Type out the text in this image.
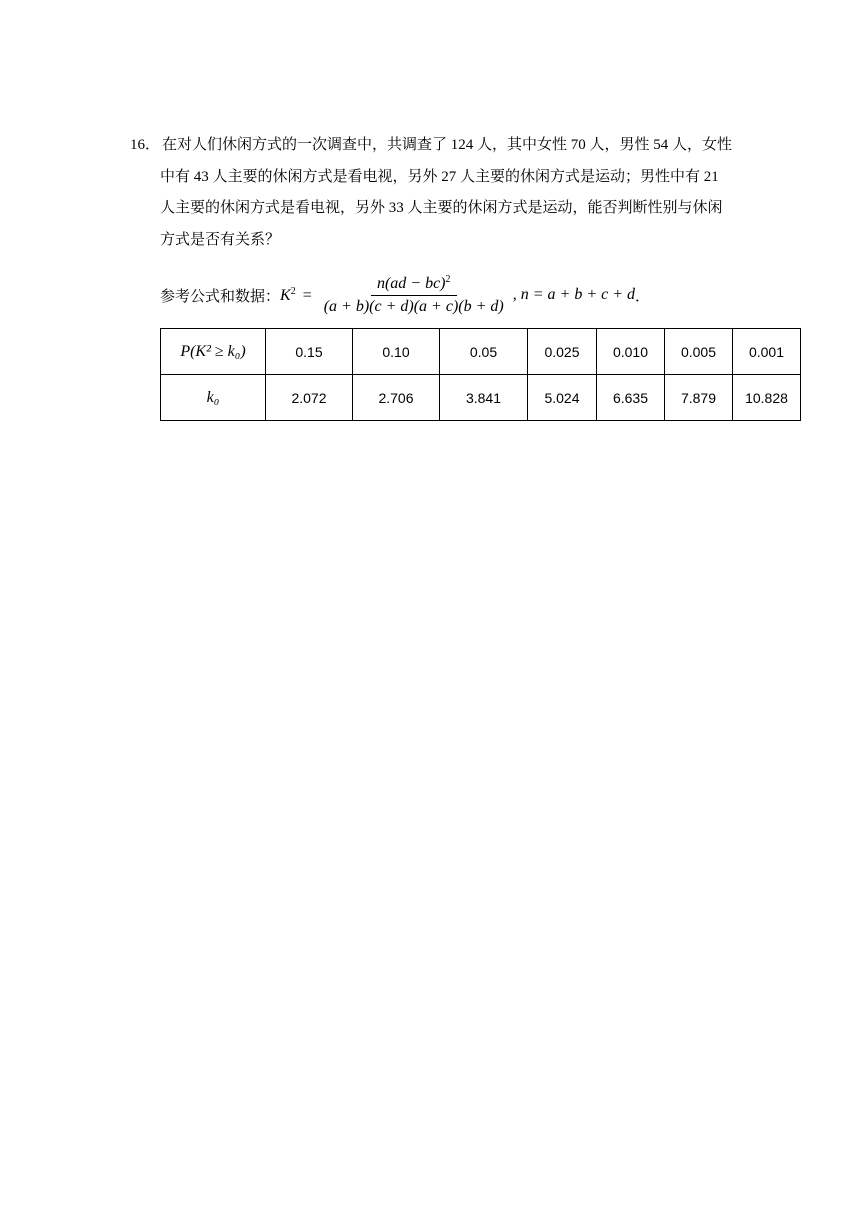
16． 在对人们休闲方式的一次调查中，共调查了 124 人，其中女性 70 人，男性 54 人，女性
中有 43 人主要的休闲方式是看电视，另外 27 人主要的休闲方式是运动；男性中有 21
人主要的休闲方式是看电视，另外 33 人主要的休闲方式是运动，能否判断性别与休闲
方式是否有关系？
参考公式和数据： $K^2 = \frac{n(ad - bc)^2}{(a + b)(c + d)(a + c)(b + d)}$ , n = a + b + c + d ．
P(K² ≥ k₀)	0.15	0.10	0.05	0.025	0.010	0.005	0.001
k₀	2.072	2.706	3.841	5.024	6.635	7.879	10.828
